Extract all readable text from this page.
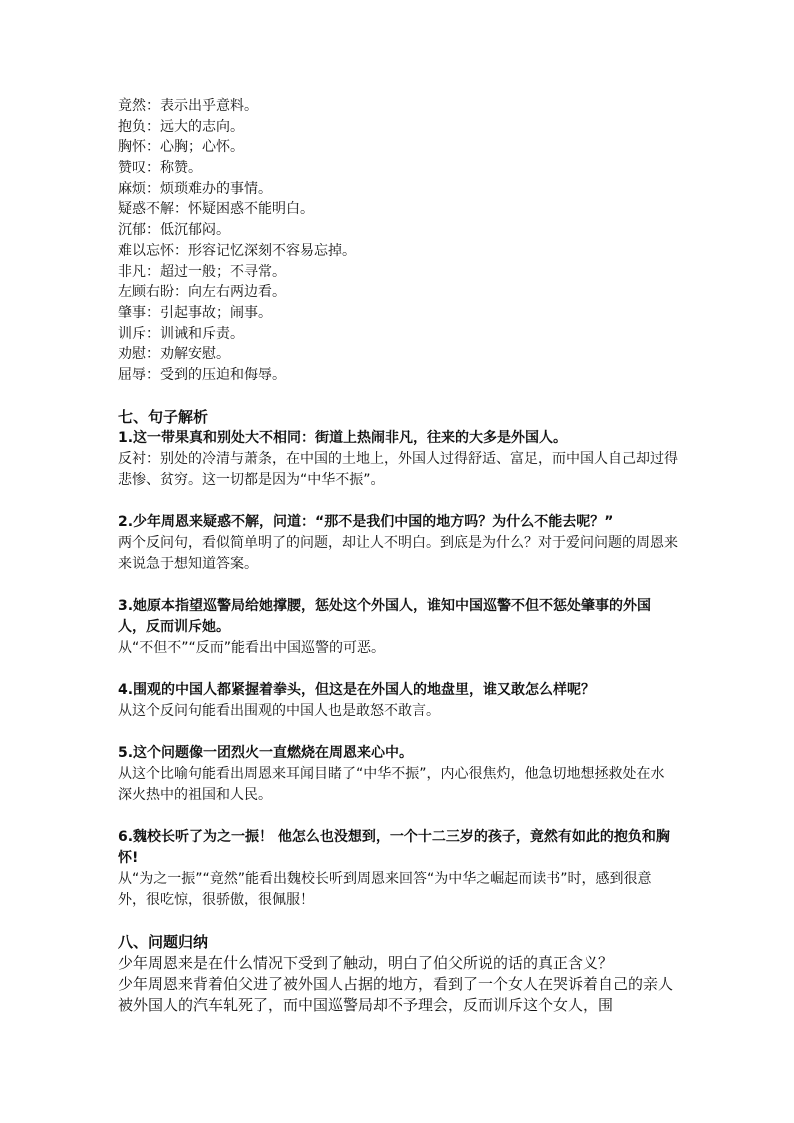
竟然：表示出乎意料。
抱负：远大的志向。
胸怀：心胸；心怀。
赞叹：称赞。
麻烦：烦琐难办的事情。
疑惑不解：怀疑困惑不能明白。
沉郁：低沉郁闷。
难以忘怀：形容记忆深刻不容易忘掉。
非凡：超过一般；不寻常。
左顾右盼：向左右两边看。
肇事：引起事故；闹事。
训斥：训诫和斥责。
劝慰：劝解安慰。
屈辱：受到的压迫和侮辱。
七、句子解析
1.这一带果真和别处大不相同：街道上热闹非凡，往来的大多是外国人。
反衬：别处的冷清与萧条，在中国的土地上，外国人过得舒适、富足，而中国人自己却过得悲惨、贫穷。这一切都是因为“中华不振”。
2.少年周恩来疑惑不解，问道：“那不是我们中国的地方吗？为什么不能去呢？”
两个反问句，看似简单明了的问题，却让人不明白。到底是为什么？对于爱问问题的周恩来来说急于想知道答案。
3.她原本指望巡警局给她撑腰，惩处这个外国人，谁知中国巡警不但不惩处肇事的外国人，反而训斥她。
从“不但不”“反而”能看出中国巡警的可恶。
4.围观的中国人都紧握着拳头，但这是在外国人的地盘里，谁又敢怎么样呢？
从这个反问句能看出围观的中国人也是敢怒不敢言。
5.这个问题像一团烈火一直燃烧在周恩来心中。
从这个比喻句能看出周恩来耳闻目睹了“中华不振”，内心很焦灼，他急切地想拯救处在水深火热中的祖国和人民。
6.魏校长听了为之一振！ 他怎么也没想到，一个十二三岁的孩子，竟然有如此的抱负和胸怀!
从“为之一振”“竟然”能看出魏校长听到周恩来回答“为中华之崛起而读书”时，感到很意外，很吃惊，很骄傲，很佩服！
八、问题归纳
少年周恩来是在什么情况下受到了触动，明白了伯父所说的话的真正含义？
少年周恩来背着伯父进了被外国人占据的地方，看到了一个女人在哭诉着自己的亲人被外国人的汽车轧死了，而中国巡警局却不予理会，反而训斥这个女人，围
